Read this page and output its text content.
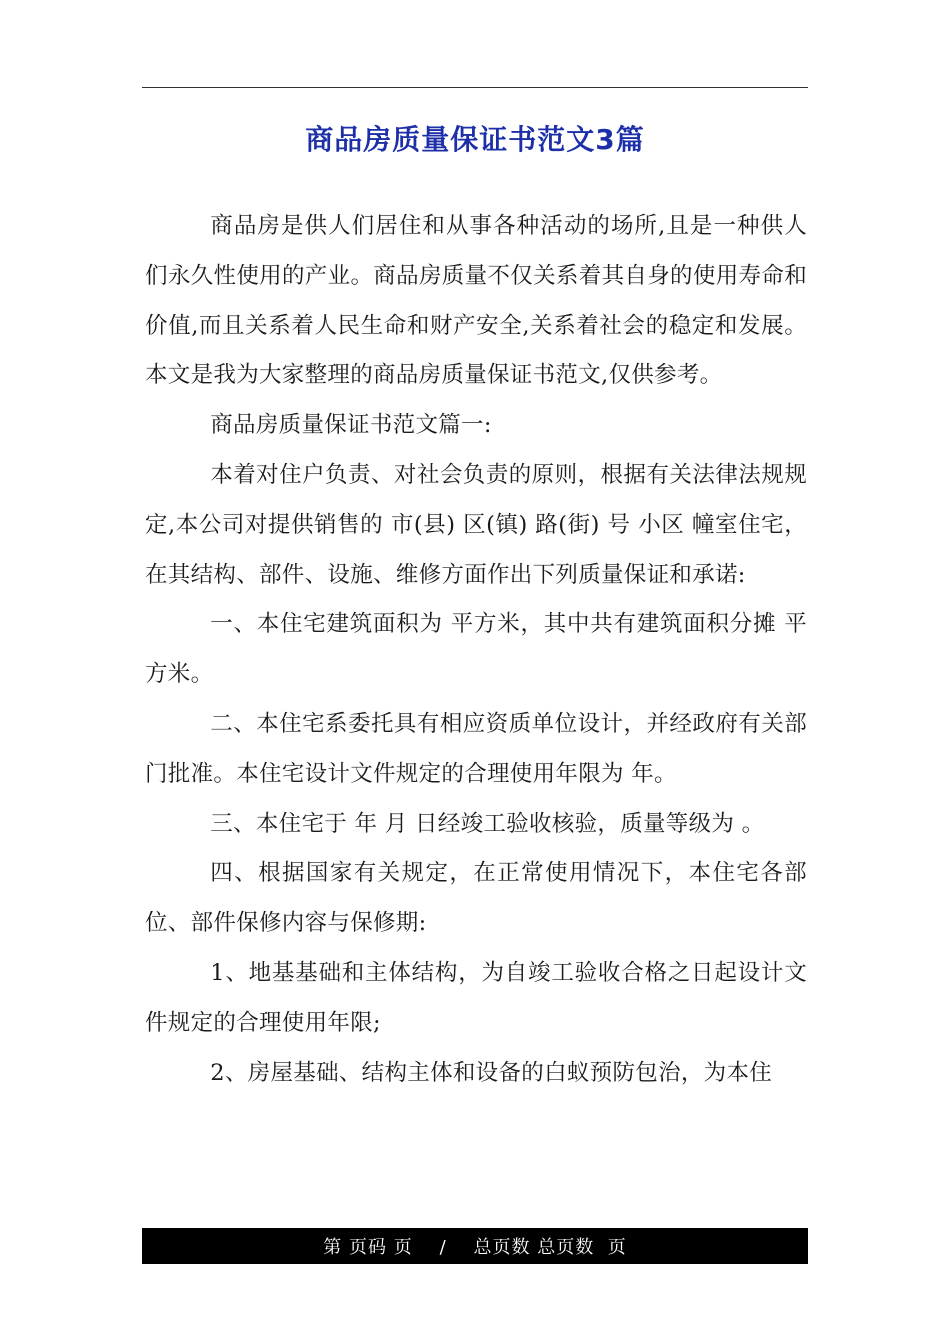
商品房质量保证书范文3篇

商品房是供人们居住和从事各种活动的场所,且是一种供人们永久性使用的产业。商品房质量不仅关系着其自身的使用寿命和价值,而且关系着人民生命和财产安全,关系着社会的稳定和发展。本文是我为大家整理的商品房质量保证书范文,仅供参考。

商品房质量保证书范文篇一:

本着对住户负责、对社会负责的原则，根据有关法律法规规定,本公司对提供销售的 市(县) 区(镇) 路(街) 号 小区 幢室住宅，在其结构、部件、设施、维修方面作出下列质量保证和承诺:

一、本住宅建筑面积为 平方米，其中共有建筑面积分摊 平方米。

二、本住宅系委托具有相应资质单位设计，并经政府有关部门批准。本住宅设计文件规定的合理使用年限为 年。

三、本住宅于 年 月 日经竣工验收核验，质量等级为 。

四、根据国家有关规定，在正常使用情况下，本住宅各部位、部件保修内容与保修期:

1、地基基础和主体结构，为自竣工验收合格之日起设计文件规定的合理使用年限;

2、房屋基础、结构主体和设备的白蚁预防包治，为本住

第 页码 页    /    总页数 总页数  页
